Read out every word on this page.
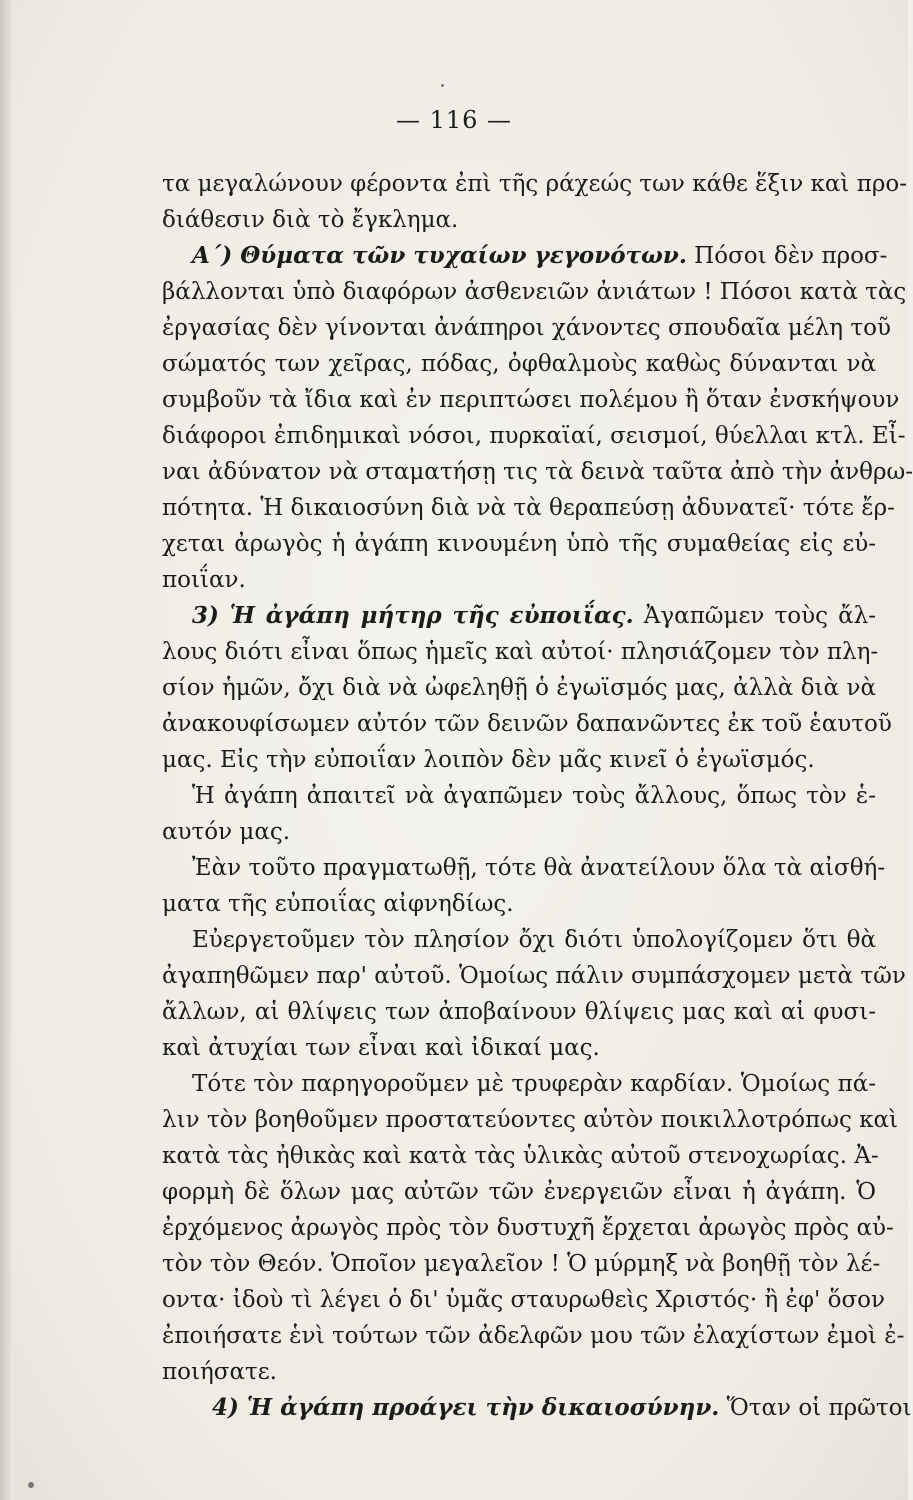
— 116 —
τα μεγαλώνουν φέροντα ἐπὶ τῆς ράχεώς των κάθε ἕξιν καὶ προ-
διάθεσιν διὰ τὸ ἔγκλημα.
Α΄) Θύματα τῶν τυχαίων γεγονότων. Πόσοι δὲν προσ-
βάλλονται ὑπὸ διαφόρων ἀσθενειῶν ἀνιάτων ! Πόσοι κατὰ τὰς
ἐργασίας δὲν γίνονται ἀνάπηροι χάνοντες σπουδαῖα μέλη τοῦ
σώματός των χεῖρας, πόδας, ὀφθαλμοὺς καθὼς δύνανται νὰ
συμβοῦν τὰ ἴδια καὶ ἐν περιπτώσει πολέμου ἢ ὅταν ἐνσκήψουν
διάφοροι ἐπιδημικαὶ νόσοι, πυρκαϊαί, σεισμοί, θύελλαι κτλ. Εἶ-
ναι ἀδύνατον νὰ σταματήσῃ τις τὰ δεινὰ ταῦτα ἀπὸ τὴν ἀνθρω-
πότητα. Ἡ δικαιοσύνη διὰ νὰ τὰ θεραπεύσῃ ἀδυνατεῖ· τότε ἔρ-
χεται ἀρωγὸς ἡ ἀγάπη κινουμένη ὑπὸ τῆς συμαθείας εἰς εὐ-
ποιΐαν.
3) Ἡ ἀγάπη μήτηρ τῆς εὐποιΐας. Ἀγαπῶμεν τοὺς ἄλ-
λους διότι εἶναι ὅπως ἡμεῖς καὶ αὐτοί· πλησιάζομεν τὸν πλη-
σίον ἡμῶν, ὄχι διὰ νὰ ὠφεληθῇ ὁ ἐγωϊσμός μας, ἀλλὰ διὰ νὰ
ἀνακουφίσωμεν αὐτόν τῶν δεινῶν δαπανῶντες ἐκ τοῦ ἑαυτοῦ
μας. Εἰς τὴν εὐποιΐαν λοιπὸν δὲν μᾶς κινεῖ ὁ ἐγωϊσμός.
Ἡ ἀγάπη ἀπαιτεῖ νὰ ἀγαπῶμεν τοὺς ἄλλους, ὅπως τὸν ἑ-
αυτόν μας.
Ἐὰν τοῦτο πραγματωθῇ, τότε θὰ ἀνατείλουν ὅλα τὰ αἰσθή-
ματα τῆς εὐποιΐας αἰφνηδίως.
Εὐεργετοῦμεν τὸν πλησίον ὄχι διότι ὑπολογίζομεν ὅτι θὰ
ἀγαπηθῶμεν παρ' αὐτοῦ. Ὁμοίως πάλιν συμπάσχομεν μετὰ τῶν
ἄλλων, αἱ θλίψεις των ἀποβαίνουν θλίψεις μας καὶ αἱ φυσι-
καὶ ἀτυχίαι των εἶναι καὶ ἰδικαί μας.
Τότε τὸν παρηγοροῦμεν μὲ τρυφερὰν καρδίαν. Ὁμοίως πά-
λιν τὸν βοηθοῦμεν προστατεύοντες αὐτὸν ποικιλλοτρόπως καὶ
κατὰ τὰς ἠθικὰς καὶ κατὰ τὰς ὑλικὰς αὐτοῦ στενοχωρίας. Ἀ-
φορμὴ δὲ ὅλων μας αὐτῶν τῶν ἐνεργειῶν εἶναι ἡ ἀγάπη. Ὁ
ἐρχόμενος ἀρωγὸς πρὸς τὸν δυστυχῆ ἔρχεται ἀρωγὸς πρὸς αὐ-
τὸν τὸν Θεόν. Ὁποῖον μεγαλεῖον ! Ὁ μύρμηξ νὰ βοηθῇ τὸν λέ-
οντα· ἰδοὺ τὶ λέγει ὁ δι' ὑμᾶς σταυρωθεὶς Χριστός· ἢ ἐφ' ὅσον
ἐποιήσατε ἑνὶ τούτων τῶν ἀδελφῶν μου τῶν ἐλαχίστων ἐμοὶ ἐ-
ποιήσατε.
4) Ἡ ἀγάπη προάγει τὴν δικαιοσύνην. Ὅταν οἱ πρῶτοι
